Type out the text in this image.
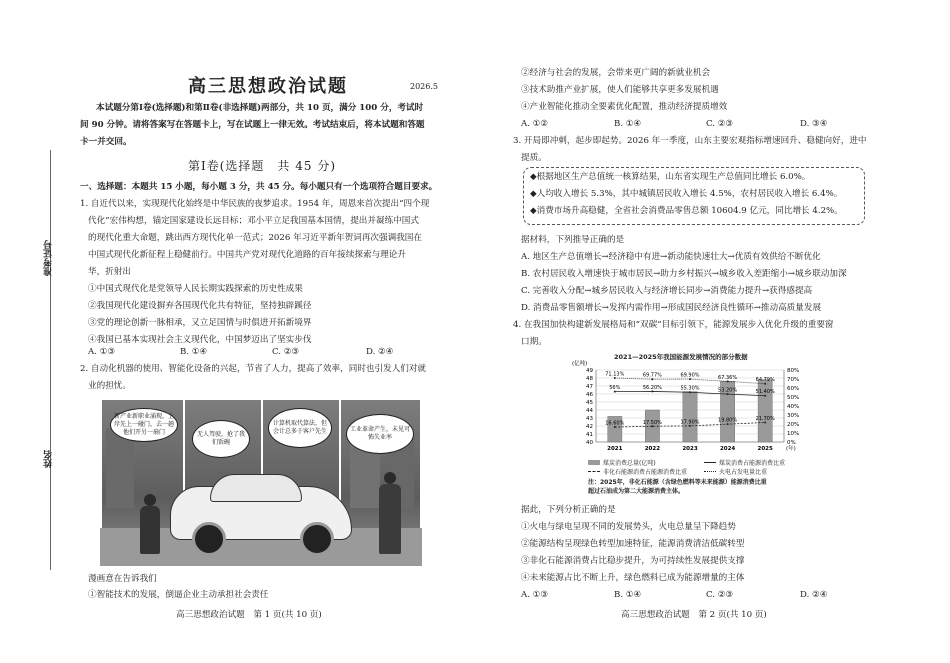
准考证号
姓名
高三思想政治试题	2026.5
本试题分第Ⅰ卷(选择题)和第Ⅱ卷(非选择题)两部分，共 10 页，满分 100 分，考试时
间 90 分钟。请将答案写在答题卡上，写在试题上一律无效。考试结束后，将本试题和答题
卡一并交回。
第Ⅰ卷(选择题　共 45 分)
一、选择题：本题共 15 小题，每小题 3 分，共 45 分。每小题只有一个选项符合题目要求。
1. 自近代以来，实现现代化始终是中华民族的夜梦追求。1954 年，周恩来首次提出“四个现
代化”宏伟构想，锚定国家建设长远目标；邓小平立足我国基本国情，提出并凝练中国式
的现代化重大命题，跳出西方现代化单一范式；2026 年习近平新年贺词再次强调我国在
中国式现代化新征程上稳健前行。中国共产党对现代化道路的百年接续探索与理论升
华，折射出
①中国式现代化是党领导人民长期实践探索的历史性成果
②我国现代化建设摒弃各国现代化共有特征，坚持独辟蹊径
③党的理论创新一脉相承，又立足国情与时俱进开拓新境界
④我国已基本实现社会主义现代化，中国梦迈出了坚实步伐
A. ①③	B. ①④	C. ②③	D. ②④
2. 自动化机器的使用、智能化设备的兴起，节省了人力，提高了效率，同时也引发人们对就
业的担忧。
新产业新职业涌现，上岸先上一碰门，去一趟他们开另一扇门	无人驾驶，抢了我们饭碗
计算机取代算法，但会计总多于客户先生	工业革命产生，未见可怖失业率
漫画意在告诉我们
①智能技术的发展，倒逼企业主动承担社会责任
高三思想政治试题　第 1 页(共 10 页)
②经济与社会的发展，会带来更广阔的新就业机会
③技术助推产业扩展，使人们能够共享更多发展机遇
④产业智能化推动全要素优化配置，推动经济提质增效
A. ①②	B. ①④	C. ②③	D. ③④
3. 开局即冲刺，起步即起势。2026 年一季度，山东主要宏观指标增速回升、稳健向好，进中
提质。
◆根据地区生产总值统一核算结果，山东省实现生产总值同比增长 6.0%。
◆人均收入增长 5.3%，其中城镇居民收入增长 4.5%，农村居民收入增长 6.4%。
◆消费市场升高稳健，全省社会消费品零售总额 10604.9 亿元，同比增长 4.2%。
据材料，下列推导正确的是
A. 地区生产总值增长→经济稳中有进→新动能快速壮大→优质有效供给不断优化
B. 农村居民收入增速快于城市居民→助力乡村振兴→城乡收入差距缩小→城乡联动加深
C. 完善收入分配→城乡居民收入与经济增长同步→消费能力提升→获得感提高
D. 消费品零售额增长→发挥内需作用→形成国民经济良性循环→推动高质量发展
4. 在我国加快构建新发展格局和“双碳”目标引领下，能源发展步入优化升级的重要窗
口期。
2021—2025年我国能源发展情况的部分数据
(亿吨)
49
48
47
46
45
44
43
42
41
40
80%
70%
60%
50%
40%
30%
20%
10%
0%
56%	56.20%	55.30%	53.20%	51.40%
16.60%	17.50%	17.90%	19.80%	21.70%
71.13%	69.77%	69.90%	67.36%	64.79%
2021	2022	2023	2024	2025 (年)
煤炭消费总量(亿吨)	煤炭消费占能源消费比重
非化石能源消费占能源消费比重	火电占发电量比重
注：2025年，非化石能源（含绿色燃料等未来能源）能源消费比重
超过石油成为第二大能源消费主体。
据此，下列分析正确的是
①火电与绿电呈现不同的发展势头，火电总量呈下降趋势
②能源结构呈现绿色转型加速特征，能源消费清洁低碳转型
③非化石能源消费占比稳步提升，为可持续性发展提供支撑
④未来能源占比不断上升，绿色燃料已成为能源增量的主体
A. ①③	B. ①④	C. ②③	D. ②④
高三思想政治试题　第 2 页(共 10 页)
